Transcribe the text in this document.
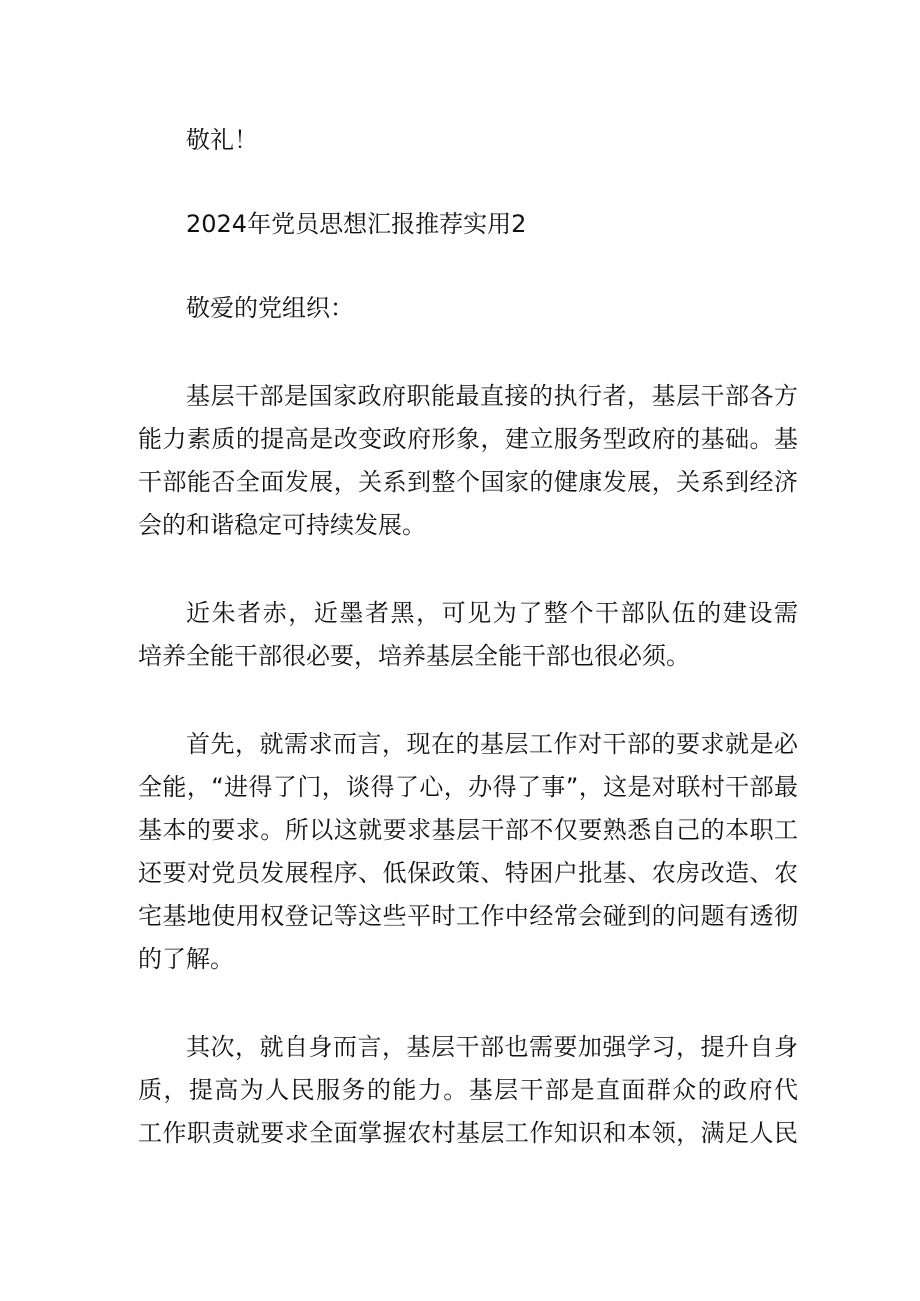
敬礼！

2024年党员思想汇报推荐实用2

敬爱的党组织：

基层干部是国家政府职能最直接的执行者，基层干部各方

能力素质的提高是改变政府形象，建立服务型政府的基础。基

干部能否全面发展，关系到整个国家的健康发展，关系到经济

会的和谐稳定可持续发展。

近朱者赤，近墨者黑，可见为了整个干部队伍的建设需

培养全能干部很必要，培养基层全能干部也很必须。

首先，就需求而言，现在的基层工作对干部的要求就是必

全能，“进得了门，谈得了心，办得了事”，这是对联村干部最

基本的要求。所以这就要求基层干部不仅要熟悉自己的本职工

还要对党员发展程序、低保政策、特困户批基、农房改造、农

宅基地使用权登记等这些平时工作中经常会碰到的问题有透彻

的了解。

其次，就自身而言，基层干部也需要加强学习，提升自身

质，提高为人民服务的能力。基层干部是直面群众的政府代

工作职责就要求全面掌握农村基层工作知识和本领，满足人民
